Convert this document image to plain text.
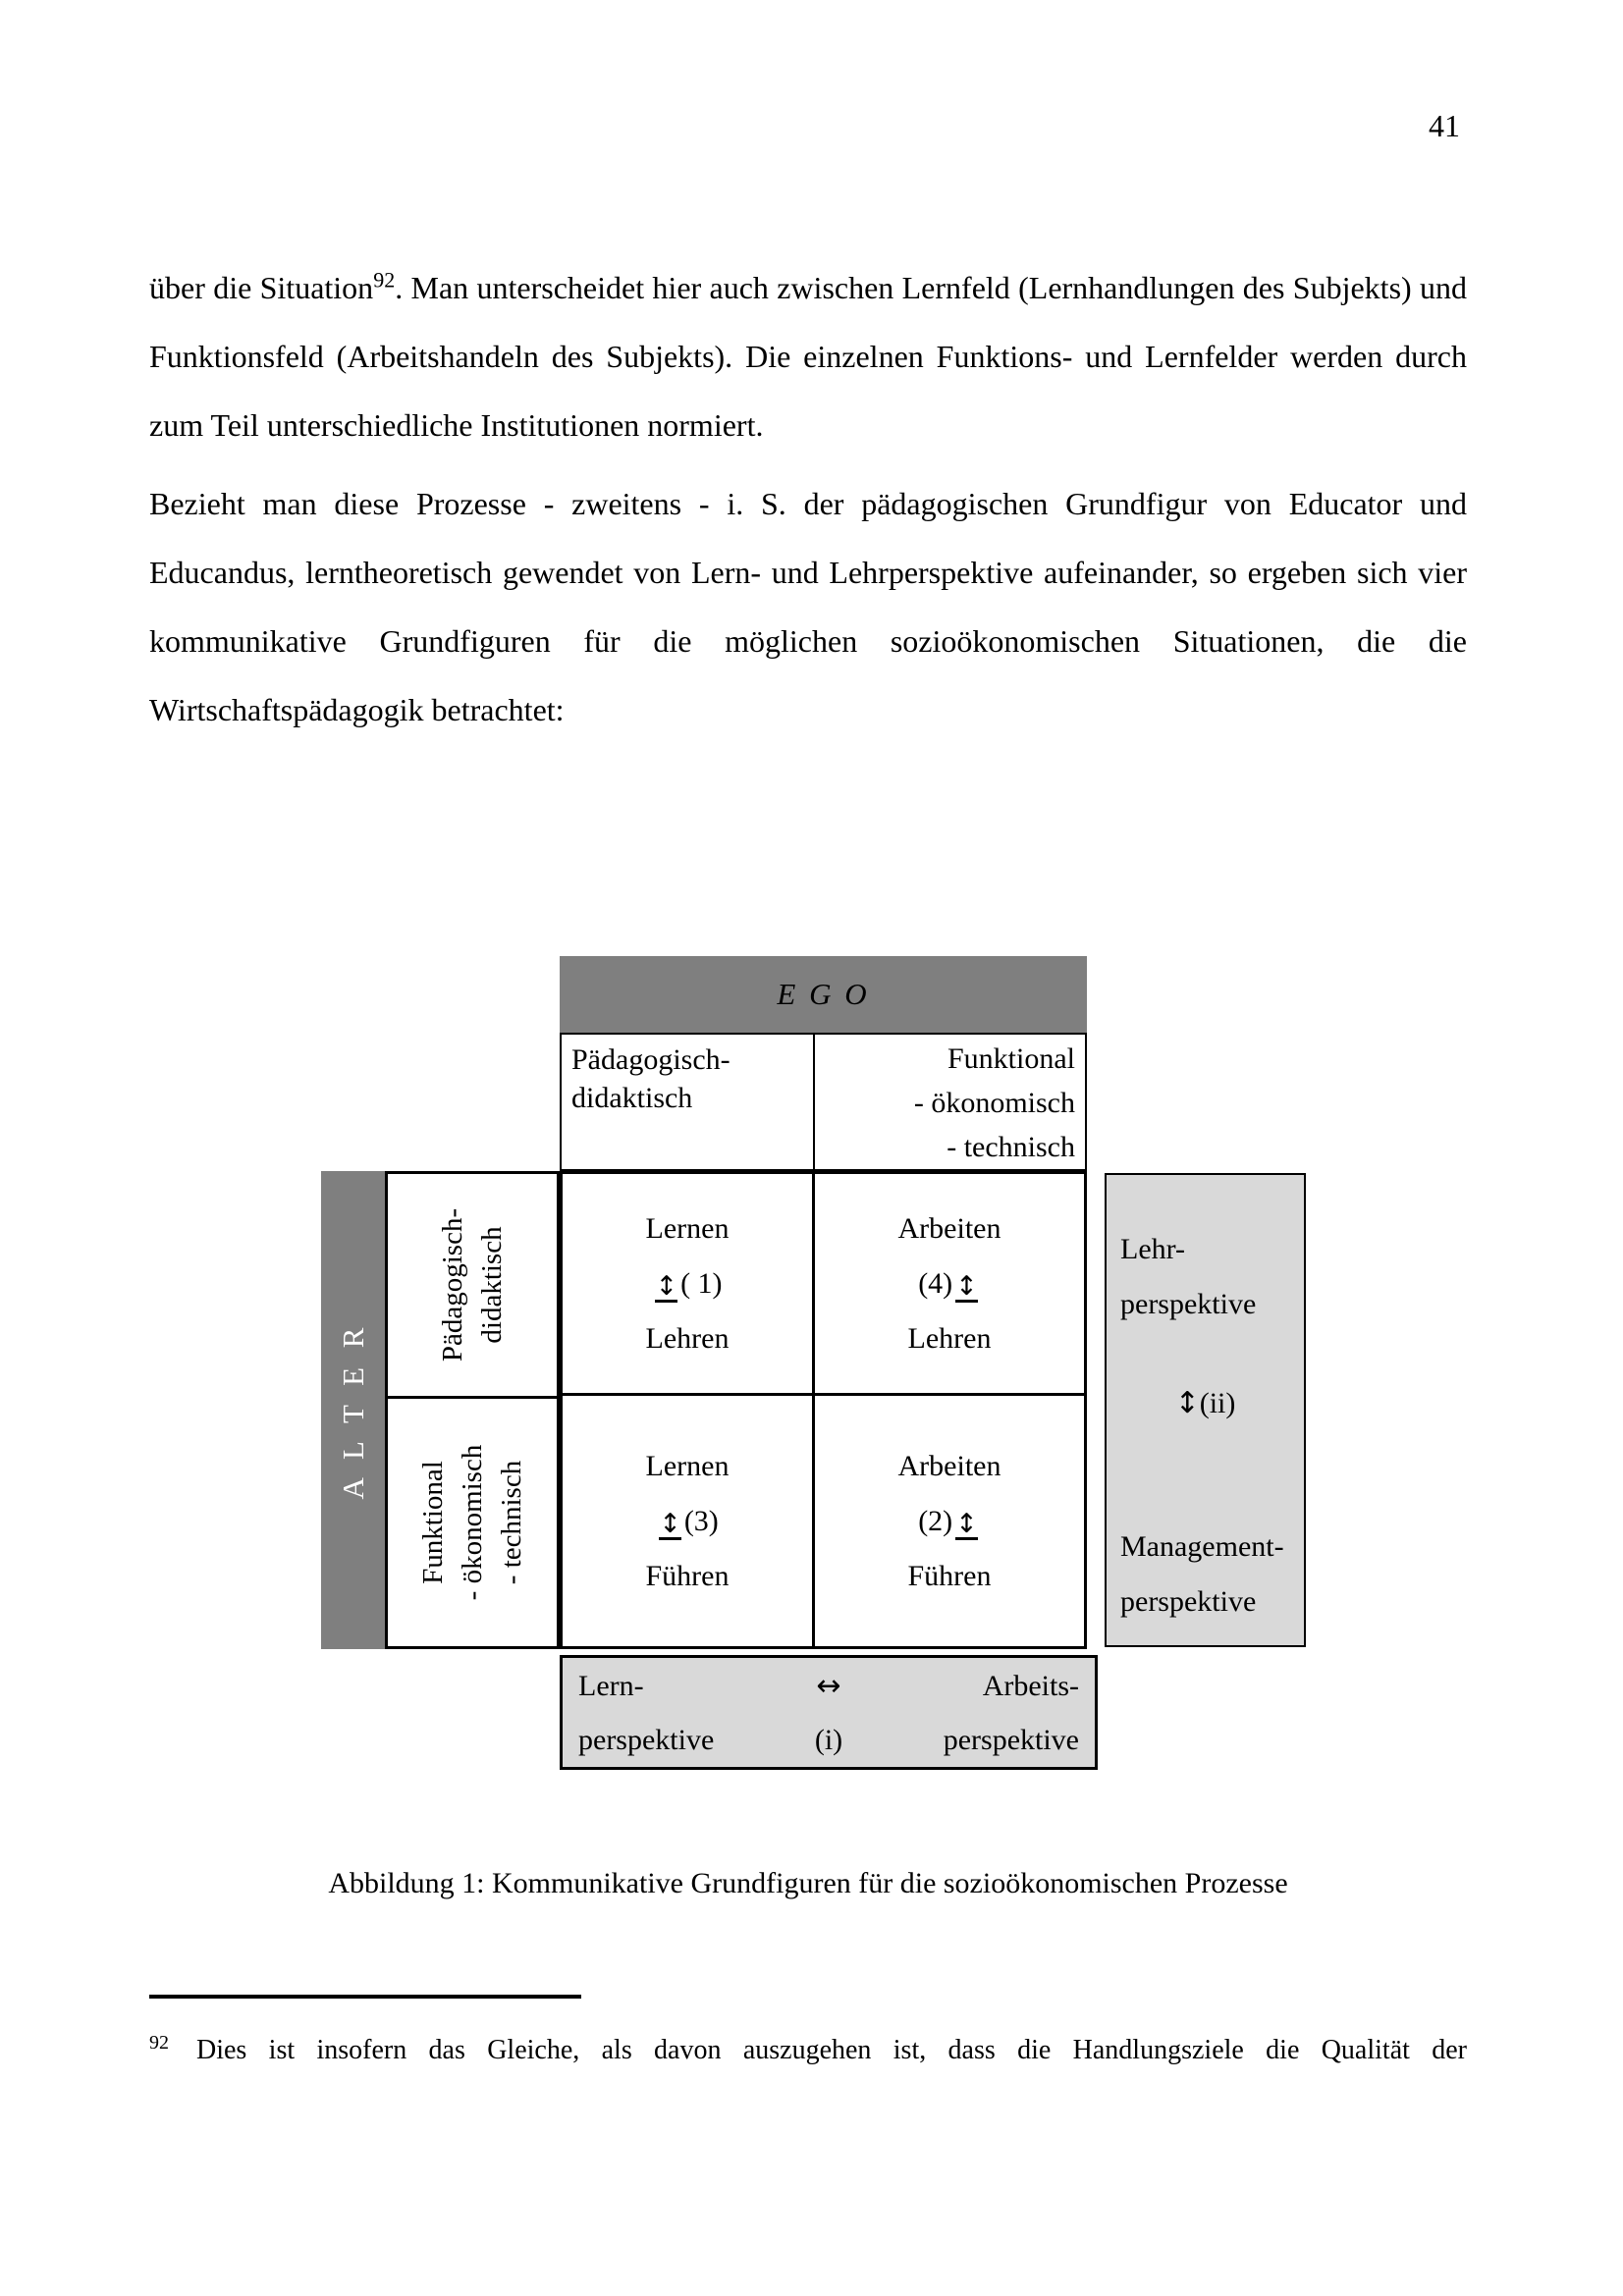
41

über die Situation$^{92}$. Man unterscheidet hier auch zwischen Lernfeld (Lernhandlungen des Subjekts) und Funktionsfeld (Arbeitshandeln des Subjekts). Die einzelnen Funktions- und Lernfelder werden durch zum Teil unterschiedliche Institutionen normiert.

Bezieht man diese Prozesse - zweitens - i. S. der pädagogischen Grundfigur von Educator und Educandus, lerntheoretisch gewendet von Lern- und Lehrperspektive aufeinander, so ergeben sich vier kommunikative Grundfiguren für die möglichen sozioökonomischen Situationen, die die Wirtschaftspädagogik betrachtet:

E G O
Pädagogisch-
didaktisch
Funktional
- ökonomisch
- technisch
A L T E R
Pädagogisch- didaktisch
Funktional - ökonomisch - technisch
Lernen
↕ ( 1)
Lehren
Arbeiten
(4) ↕
Lehren
Lernen
↕ (3)
Führen
Arbeiten
(2) ↕
Führen
Lehr-
perspektive
↕(ii)
Management-
perspektive
Lern-
perspektive
↔
(i)
Arbeits-
perspektive
Abbildung 1: Kommunikative Grundfiguren für die sozioökonomischen Prozesse
$^{92}$ Dies ist insofern das Gleiche, als davon auszugehen ist, dass die Handlungsziele die Qualität der
